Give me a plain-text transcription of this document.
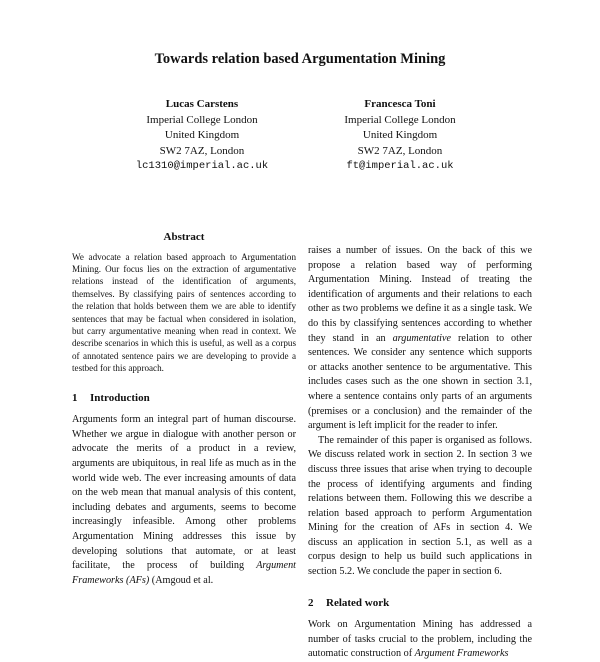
Towards relation based Argumentation Mining
Lucas Carstens
Imperial College London
United Kingdom
SW2 7AZ, London
lc1310@imperial.ac.uk
Francesca Toni
Imperial College London
United Kingdom
SW2 7AZ, London
ft@imperial.ac.uk
Abstract

We advocate a relation based approach to Argumentation Mining. Our focus lies on the extraction of argumentative relations instead of the identification of arguments, themselves. By classifying pairs of sentences according to the relation that holds between them we are able to identify sentences that may be factual when considered in isolation, but carry argumentative meaning when read in context. We describe scenarios in which this is useful, as well as a corpus of annotated sentence pairs we are developing to provide a testbed for this approach.

1 Introduction

Arguments form an integral part of human discourse. Whether we argue in dialogue with another person or advocate the merits of a product in a review, arguments are ubiquitous, in real life as much as in the world wide web. The ever increasing amounts of data on the web mean that manual analysis of this content, including debates and arguments, seems to become increasingly infeasible. Among other problems Argumentation Mining addresses this issue by developing solutions that automate, or at least facilitate, the process of building Argument Frameworks (AFs) (Amgoud et al.

raises a number of issues. On the back of this we propose a relation based way of performing Argumentation Mining. Instead of treating the identification of arguments and their relations to each other as two problems we define it as a single task. We do this by classifying sentences according to whether they stand in an argumentative relation to other sentences. We consider any sentence which supports or attacks another sentence to be argumentative. This includes cases such as the one shown in section 3.1, where a sentence contains only parts of an arguments (premises or a conclusion) and the remainder of the argument is left implicit for the reader to infer.

The remainder of this paper is organised as follows. We discuss related work in section 2. In section 3 we discuss three issues that arise when trying to decouple the process of identifying arguments and finding relations between them. Following this we describe a relation based approach to perform Argumentation Mining for the creation of AFs in section 4. We discuss an application in section 5.1, as well as a corpus design to help us build such applications in section 5.2. We conclude the paper in section 6.

2 Related work

Work on Argumentation Mining has addressed a number of tasks crucial to the problem, including the automatic construction of Argument Frameworks
